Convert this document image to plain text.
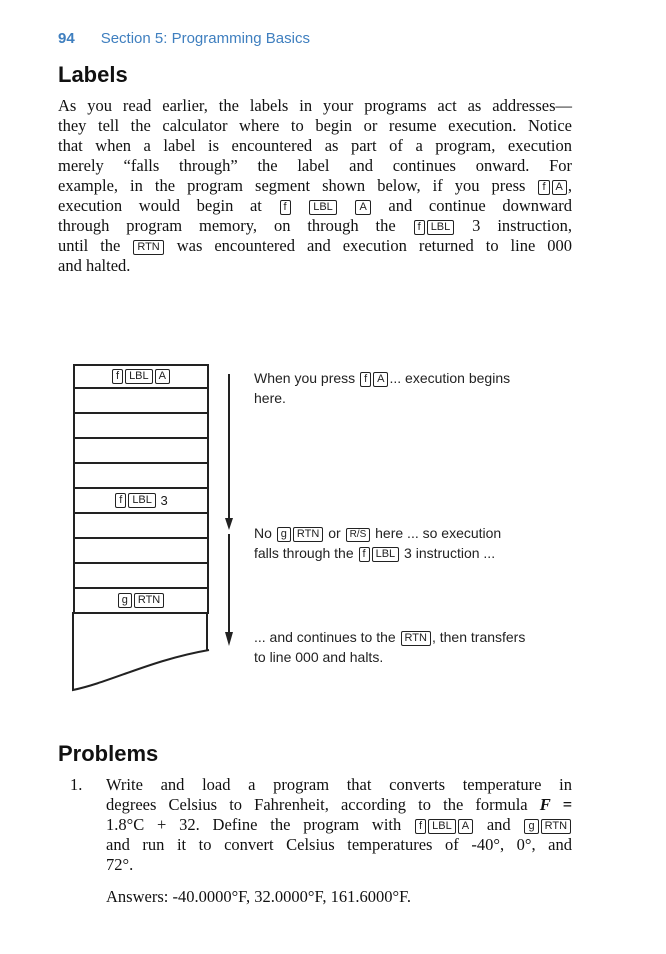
94 Section 5: Programming Basics
Labels
As you read earlier, the labels in your programs act as addresses—
they tell the calculator where to begin or resume execution. Notice
that when a label is encountered as part of a program, execution
merely “falls through” the label and continues onward. For
example, in the program segment shown below, if you press f A ,
execution would begin at f LBL A and continue downward
through program memory, on through the f LBL 3 instruction,
until the RTN was encountered and execution returned to line 000
and halted.
f LBL A
f LBL
3
g RTN
When you press f A ... execution begins
here.
No g RTN or R/S here ... so execution
falls through the f LBL 3 instruction ...
... and continues to the RTN , then transfers
to line 000 and halts.
Problems
1. Write and load a program that converts temperature in
degrees Celsius to Fahrenheit, according to the formula F =
1.8°C + 32. Define the program with f LBL A and g RTN
and run it to convert Celsius temperatures of -40°, 0°, and
72°.
Answers: -40.0000°F, 32.0000°F, 161.6000°F.
